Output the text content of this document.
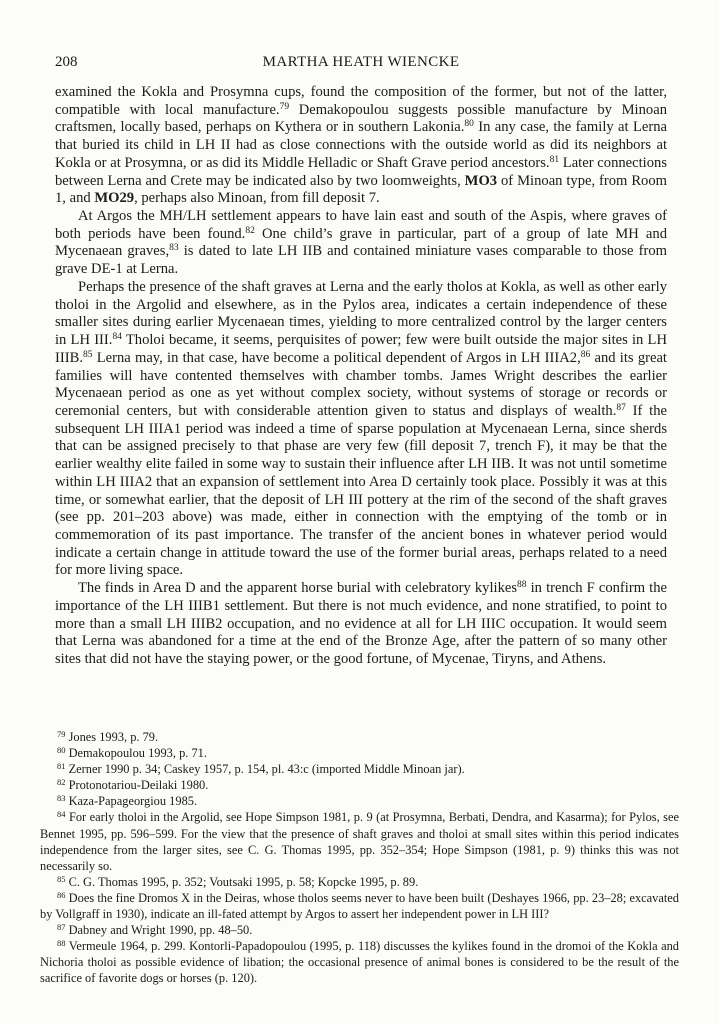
208	MARTHA HEATH WIENCKE

examined the Kokla and Prosymna cups, found the composition of the former, but not of the latter, compatible with local manufacture.$^{79}$ Demakopoulou suggests possible manufacture by Minoan craftsmen, locally based, perhaps on Kythera or in southern Lakonia.$^{80}$ In any case, the family at Lerna that buried its child in LH II had as close connections with the outside world as did its neighbors at Kokla or at Prosymna, or as did its Middle Helladic or Shaft Grave period ancestors.$^{81}$ Later connections between Lerna and Crete may be indicated also by two loomweights, MO3 of Minoan type, from Room 1, and MO29, perhaps also Minoan, from fill deposit 7.

At Argos the MH/LH settlement appears to have lain east and south of the Aspis, where graves of both periods have been found.$^{82}$ One child’s grave in particular, part of a group of late MH and Mycenaean graves,$^{83}$ is dated to late LH IIB and contained miniature vases comparable to those from grave DE-1 at Lerna.

Perhaps the presence of the shaft graves at Lerna and the early tholos at Kokla, as well as other early tholoi in the Argolid and elsewhere, as in the Pylos area, indicates a certain independence of these smaller sites during earlier Mycenaean times, yielding to more centralized control by the larger centers in LH III.$^{84}$ Tholoi became, it seems, perquisites of power; few were built outside the major sites in LH IIIB.$^{85}$ Lerna may, in that case, have become a political dependent of Argos in LH IIIA2,86 and its great families will have contented themselves with chamber tombs. James Wright describes the earlier Mycenaean period as one as yet without complex society, without systems of storage or records or ceremonial centers, but with considerable attention given to status and displays of wealth.$^{87}$ If the subsequent LH IIIA1 period was indeed a time of sparse population at Mycenaean Lerna, since sherds that can be assigned precisely to that phase are very few (fill deposit 7, trench F), it may be that the earlier wealthy elite failed in some way to sustain their influence after LH IIB. It was not until sometime within LH IIIA2 that an expansion of settlement into Area D certainly took place. Possibly it was at this time, or somewhat earlier, that the deposit of LH III pottery at the rim of the second of the shaft graves (see pp. 201–203 above) was made, either in connection with the emptying of the tomb or in commemoration of its past importance. The transfer of the ancient bones in whatever period would indicate a certain change in attitude toward the use of the former burial areas, perhaps related to a need for more living space.

The finds in Area D and the apparent horse burial with celebratory kylikes$^{88}$ in trench F confirm the importance of the LH IIIB1 settlement. But there is not much evidence, and none stratified, to point to more than a small LH IIIB2 occupation, and no evidence at all for LH IIIC occupation. It would seem that Lerna was abandoned for a time at the end of the Bronze Age, after the pattern of so many other sites that did not have the staying power, or the good fortune, of Mycenae, Tiryns, and Athens.

$^{79}$ Jones 1993, p. 79.

$^{80}$ Demakopoulou 1993, p. 71.

$^{81}$ Zerner 1990 p. 34; Caskey 1957, p. 154, pl. 43:c (imported Middle Minoan jar).

$^{82}$ Protonotariou-Deilaki 1980.

$^{83}$ Kaza-Papageorgiou 1985.

$^{84}$ For early tholoi in the Argolid, see Hope Simpson 1981, p. 9 (at Prosymna, Berbati, Dendra, and Kasarma); for Pylos, see Bennet 1995, pp. 596–599. For the view that the presence of shaft graves and tholoi at small sites within this period indicates independence from the larger sites, see C. G. Thomas 1995, pp. 352–354; Hope Simpson (1981, p. 9) thinks this was not necessarily so.

$^{85}$ C. G. Thomas 1995, p. 352; Voutsaki 1995, p. 58; Kopcke 1995, p. 89.

$^{86}$ Does the fine Dromos X in the Deiras, whose tholos seems never to have been built (Deshayes 1966, pp. 23–28; excavated by Vollgraff in 1930), indicate an ill-fated attempt by Argos to assert her independent power in LH III?

$^{87}$ Dabney and Wright 1990, pp. 48–50.

$^{88}$ Vermeule 1964, p. 299. Kontorli-Papadopoulou (1995, p. 118) discusses the kylikes found in the dromoi of the Kokla and Nichoria tholoi as possible evidence of libation; the occasional presence of animal bones is considered to be the result of the sacrifice of favorite dogs or horses (p. 120).
